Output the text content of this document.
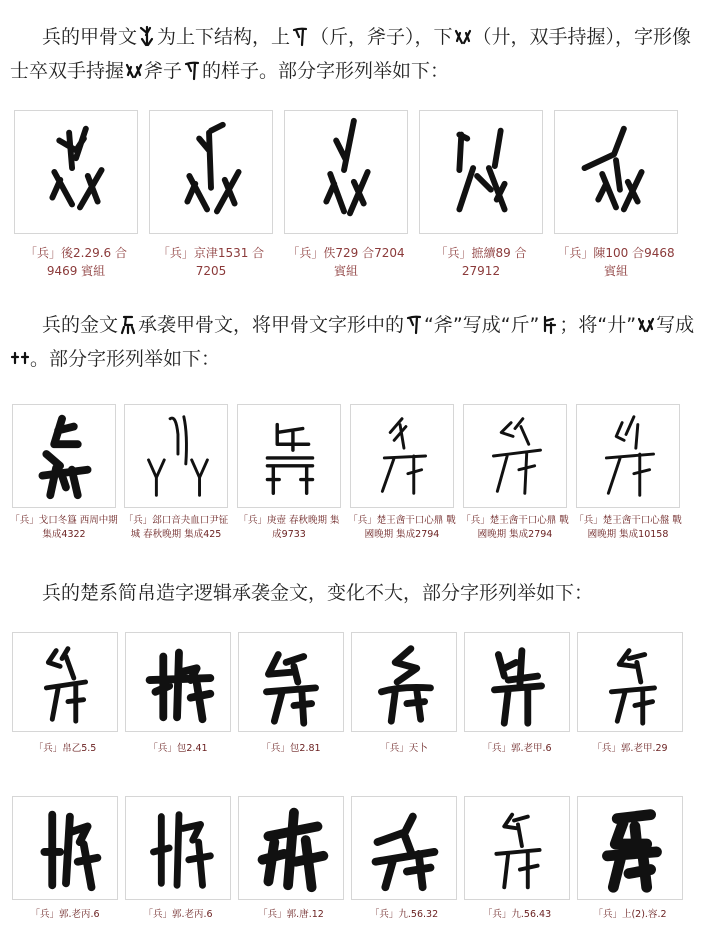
兵的甲骨文 为上下结构，上 （斤，斧子），下 （廾，双手持握），字形像士卒双手持握 斧子 的样子。部分字形列举如下：

「兵」後2.29.6 合9469 賓組
「兵」京津1531 合7205
「兵」佚729 合7204 賓組
「兵」摭續89 合27912
「兵」陳100 合9468 賓組

兵的金文 承袭甲骨文，将甲骨文字形中的 “斧”写成“斤” ；将“廾” 写成
。部分字形列举如下：

「兵」戈⼝冬簋 西周中期 集成4322
「兵」郐⼝音夬血⼝尹钲城 春秋晚期 集成425
「兵」庚壺 春秋晚期 集成9733
「兵」楚王酓干⼝心鼎 戰國晚期 集成2794
「兵」楚王酓干⼝心鼎 戰國晚期 集成2794
「兵」楚王酓干⼝心盤 戰國晚期 集成10158

兵的楚系简帛造字逻辑承袭金文，变化不大，部分字形列举如下：

「兵」帛乙5.5	「兵」包2.41	「兵」包2.81	「兵」天卜	「兵」郭.老甲.6	「兵」郭.老甲.29
「兵」郭.老丙.6	「兵」郭.老丙.6	「兵」郭.唐.12	「兵」九.56.32	「兵」九.56.43	「兵」上(2).容.2
